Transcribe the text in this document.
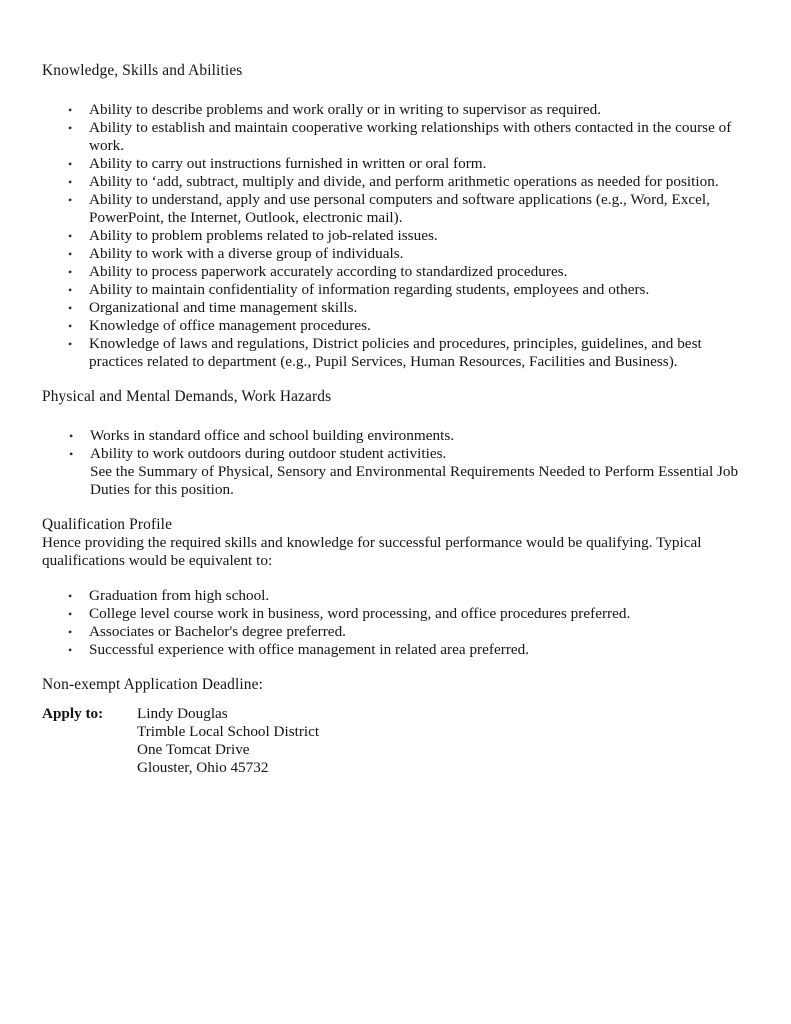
Knowledge, Skills and Abilities
• Ability to describe problems and work orally or in writing to supervisor as required.
• Ability to establish and maintain cooperative working relationships with others contacted in the course of work.
• Ability to carry out instructions furnished in written or oral form.
• Ability to ‘add, subtract, multiply and divide, and perform arithmetic operations as needed for position.
• Ability to understand, apply and use personal computers and software applications (e.g., Word, Excel, PowerPoint, the Internet, Outlook, electronic mail).
• Ability to problem problems related to job-related issues.
• Ability to work with a diverse group of individuals.
• Ability to process paperwork accurately according to standardized procedures.
• Ability to maintain confidentiality of information regarding students, employees and others.
• Organizational and time management skills.
• Knowledge of office management procedures.
• Knowledge of laws and regulations, District policies and procedures, principles, guidelines, and best practices related to department (e.g., Pupil Services, Human Resources, Facilities and Business).
Physical and Mental Demands, Work Hazards
• Works in standard office and school building environments.
• Ability to work outdoors during outdoor student activities.
See the Summary of Physical, Sensory and Environmental Requirements Needed to Perform Essential Job Duties for this position.
Qualification Profile

Hence providing the required skills and knowledge for successful performance would be qualifying. Typical qualifications would be equivalent to:

• Graduation from high school.
• College level course work in business, word processing, and office procedures preferred.
• Associates or Bachelor's degree preferred.
• Successful experience with office management in related area preferred.
Non-exempt Application Deadline:
Apply to:	Lindy Douglas
Trimble Local School District
One Tomcat Drive
Glouster, Ohio 45732
